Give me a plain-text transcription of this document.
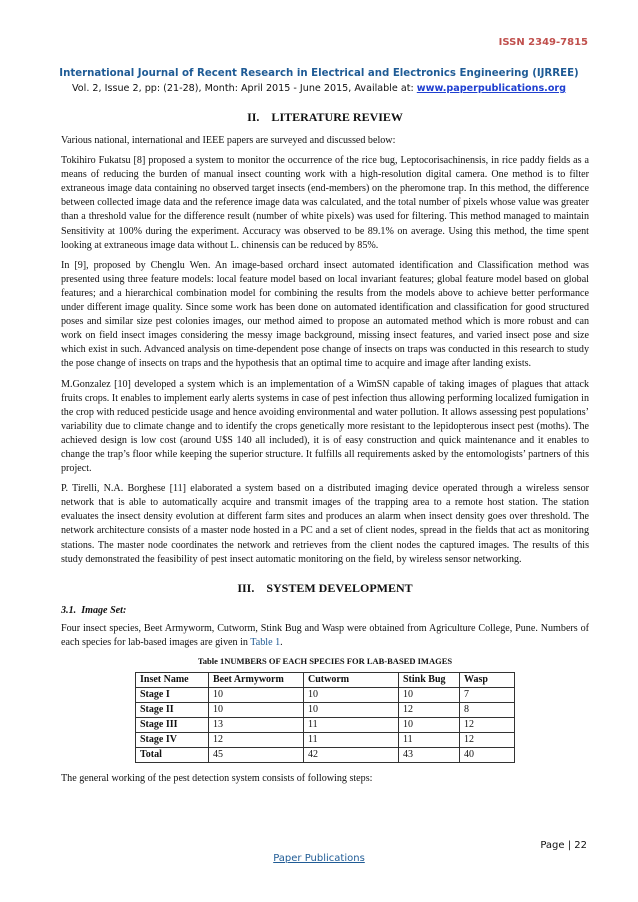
ISSN 2349-7815
International Journal of Recent Research in Electrical and Electronics Engineering (IJRREE)
Vol. 2, Issue 2, pp: (21-28), Month: April 2015 - June 2015, Available at: www.paperpublications.org
II.    LITERATURE REVIEW

Various national, international and IEEE papers are surveyed and discussed below:

Tokihiro Fukatsu [8] proposed a system to monitor the occurrence of the rice bug, Leptocorisachinensis, in rice paddy fields as a means of reducing the burden of manual insect counting work with a high-resolution digital camera. One method is to filter extraneous image data containing no observed target insects (end-members) on the pheromone trap. In this method, the difference between collected image data and the reference image data was calculated, and the total number of pixels whose value was greater than a threshold value for the difference result (number of white pixels) was used for filtering. This method managed to maintain Sensitivity at 100% during the experiment. Accuracy was observed to be 89.1% on average. Using this method, the time spent looking at extraneous image data without L. chinensis can be reduced by 85%.

In [9], proposed by Chenglu Wen. An image-based orchard insect automated identification and Classification method was presented using three feature models: local feature model based on local invariant features; global feature model based on global features; and a hierarchical combination model for combining the results from the models above to achieve better performance under different image quality. Since some work has been done on automated identification and classification for good structured poses and similar size pest colonies images, our method aimed to propose an automated method which is more robust and can work on field insect images considering the messy image background, missing insect features, and varied insect pose and size which exist in such. Advanced analysis on time-dependent pose change of insects on traps was conducted in this research to study the pose change of insects on traps and the hypothesis that an optimal time to acquire and image after landing exists.

M.Gonzalez [10] developed a system which is an implementation of a WimSN capable of taking images of plagues that attack fruits crops. It enables to implement early alerts systems in case of pest infection thus allowing performing localized fumigation in the crop with reduced pesticide usage and hence avoiding environmental and water pollution. It allows assessing pest populations’ variability due to climate change and to identify the crops genetically more resistant to the lepidopterous insect pest (moths). The achieved design is low cost (around U$S 140 all included), it is of easy construction and quick maintenance and it enables to change the trap’s floor while keeping the superior structure. It fulfills all requirements asked by the entomologists’ partners of this project.

P. Tirelli, N.A. Borghese [11] elaborated a system based on a distributed imaging device operated through a wireless sensor network that is able to automatically acquire and transmit images of the trapping area to a remote host station. The station evaluates the insect density evolution at different farm sites and produces an alarm when insect density goes over threshold. The network architecture consists of a master node hosted in a PC and a set of client nodes, spread in the fields that act as monitoring stations. The master node coordinates the network and retrieves from the client nodes the captured images. The results of this study demonstrated the feasibility of pest insect automatic monitoring on the field, by wireless sensor networking.

III.    SYSTEM DEVELOPMENT
3.1.  Image Set:

Four insect species, Beet Armyworm, Cutworm, Stink Bug and Wasp were obtained from Agriculture College, Pune. Numbers of each species for lab-based images are given in Table 1.

Table 1NUMBERS OF EACH SPECIES FOR LAB-BASED IMAGES
Inset Name	Beet Armyworm	Cutworm	Stink Bug	Wasp
Stage I	10	10	10	7
Stage II	10	10	12	8
Stage III	13	11	10	12
Stage IV	12	11	11	12
Total	45	42	43	40

The general working of the pest detection system consists of following steps:

Page | 22
Paper Publications
